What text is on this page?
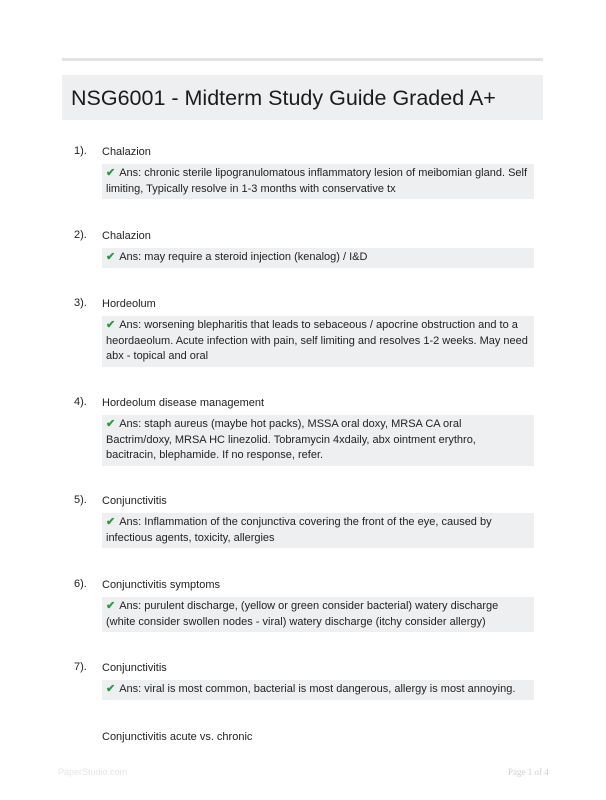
NSG6001 - Midterm Study Guide Graded A+
1). Chalazion
✔ Ans: chronic sterile lipogranulomatous inflammatory lesion of meibomian gland. Self limiting, Typically resolve in 1-3 months with conservative tx
2). Chalazion
✔ Ans: may require a steroid injection (kenalog) / I&D
3). Hordeolum
✔ Ans: worsening blepharitis that leads to sebaceous / apocrine obstruction and to a heordaeolum. Acute infection with pain, self limiting and resolves 1-2 weeks. May need abx - topical and oral
4). Hordeolum disease management
✔ Ans: staph aureus (maybe hot packs), MSSA oral doxy, MRSA CA oral Bactrim/doxy, MRSA HC linezolid. Tobramycin 4xdaily, abx ointment erythro, bacitracin, blephamide. If no response, refer.
5). Conjunctivitis
✔ Ans: Inflammation of the conjunctiva covering the front of the eye, caused by infectious agents, toxicity, allergies
6). Conjunctivitis symptoms
✔ Ans: purulent discharge, (yellow or green consider bacterial) watery discharge (white consider swollen nodes - viral) watery discharge (itchy consider allergy)
7). Conjunctivitis
✔ Ans: viral is most common, bacterial is most dangerous, allergy is most annoying.
Conjunctivitis acute vs. chronic
PaperStudio.com	Page 1 of 4
